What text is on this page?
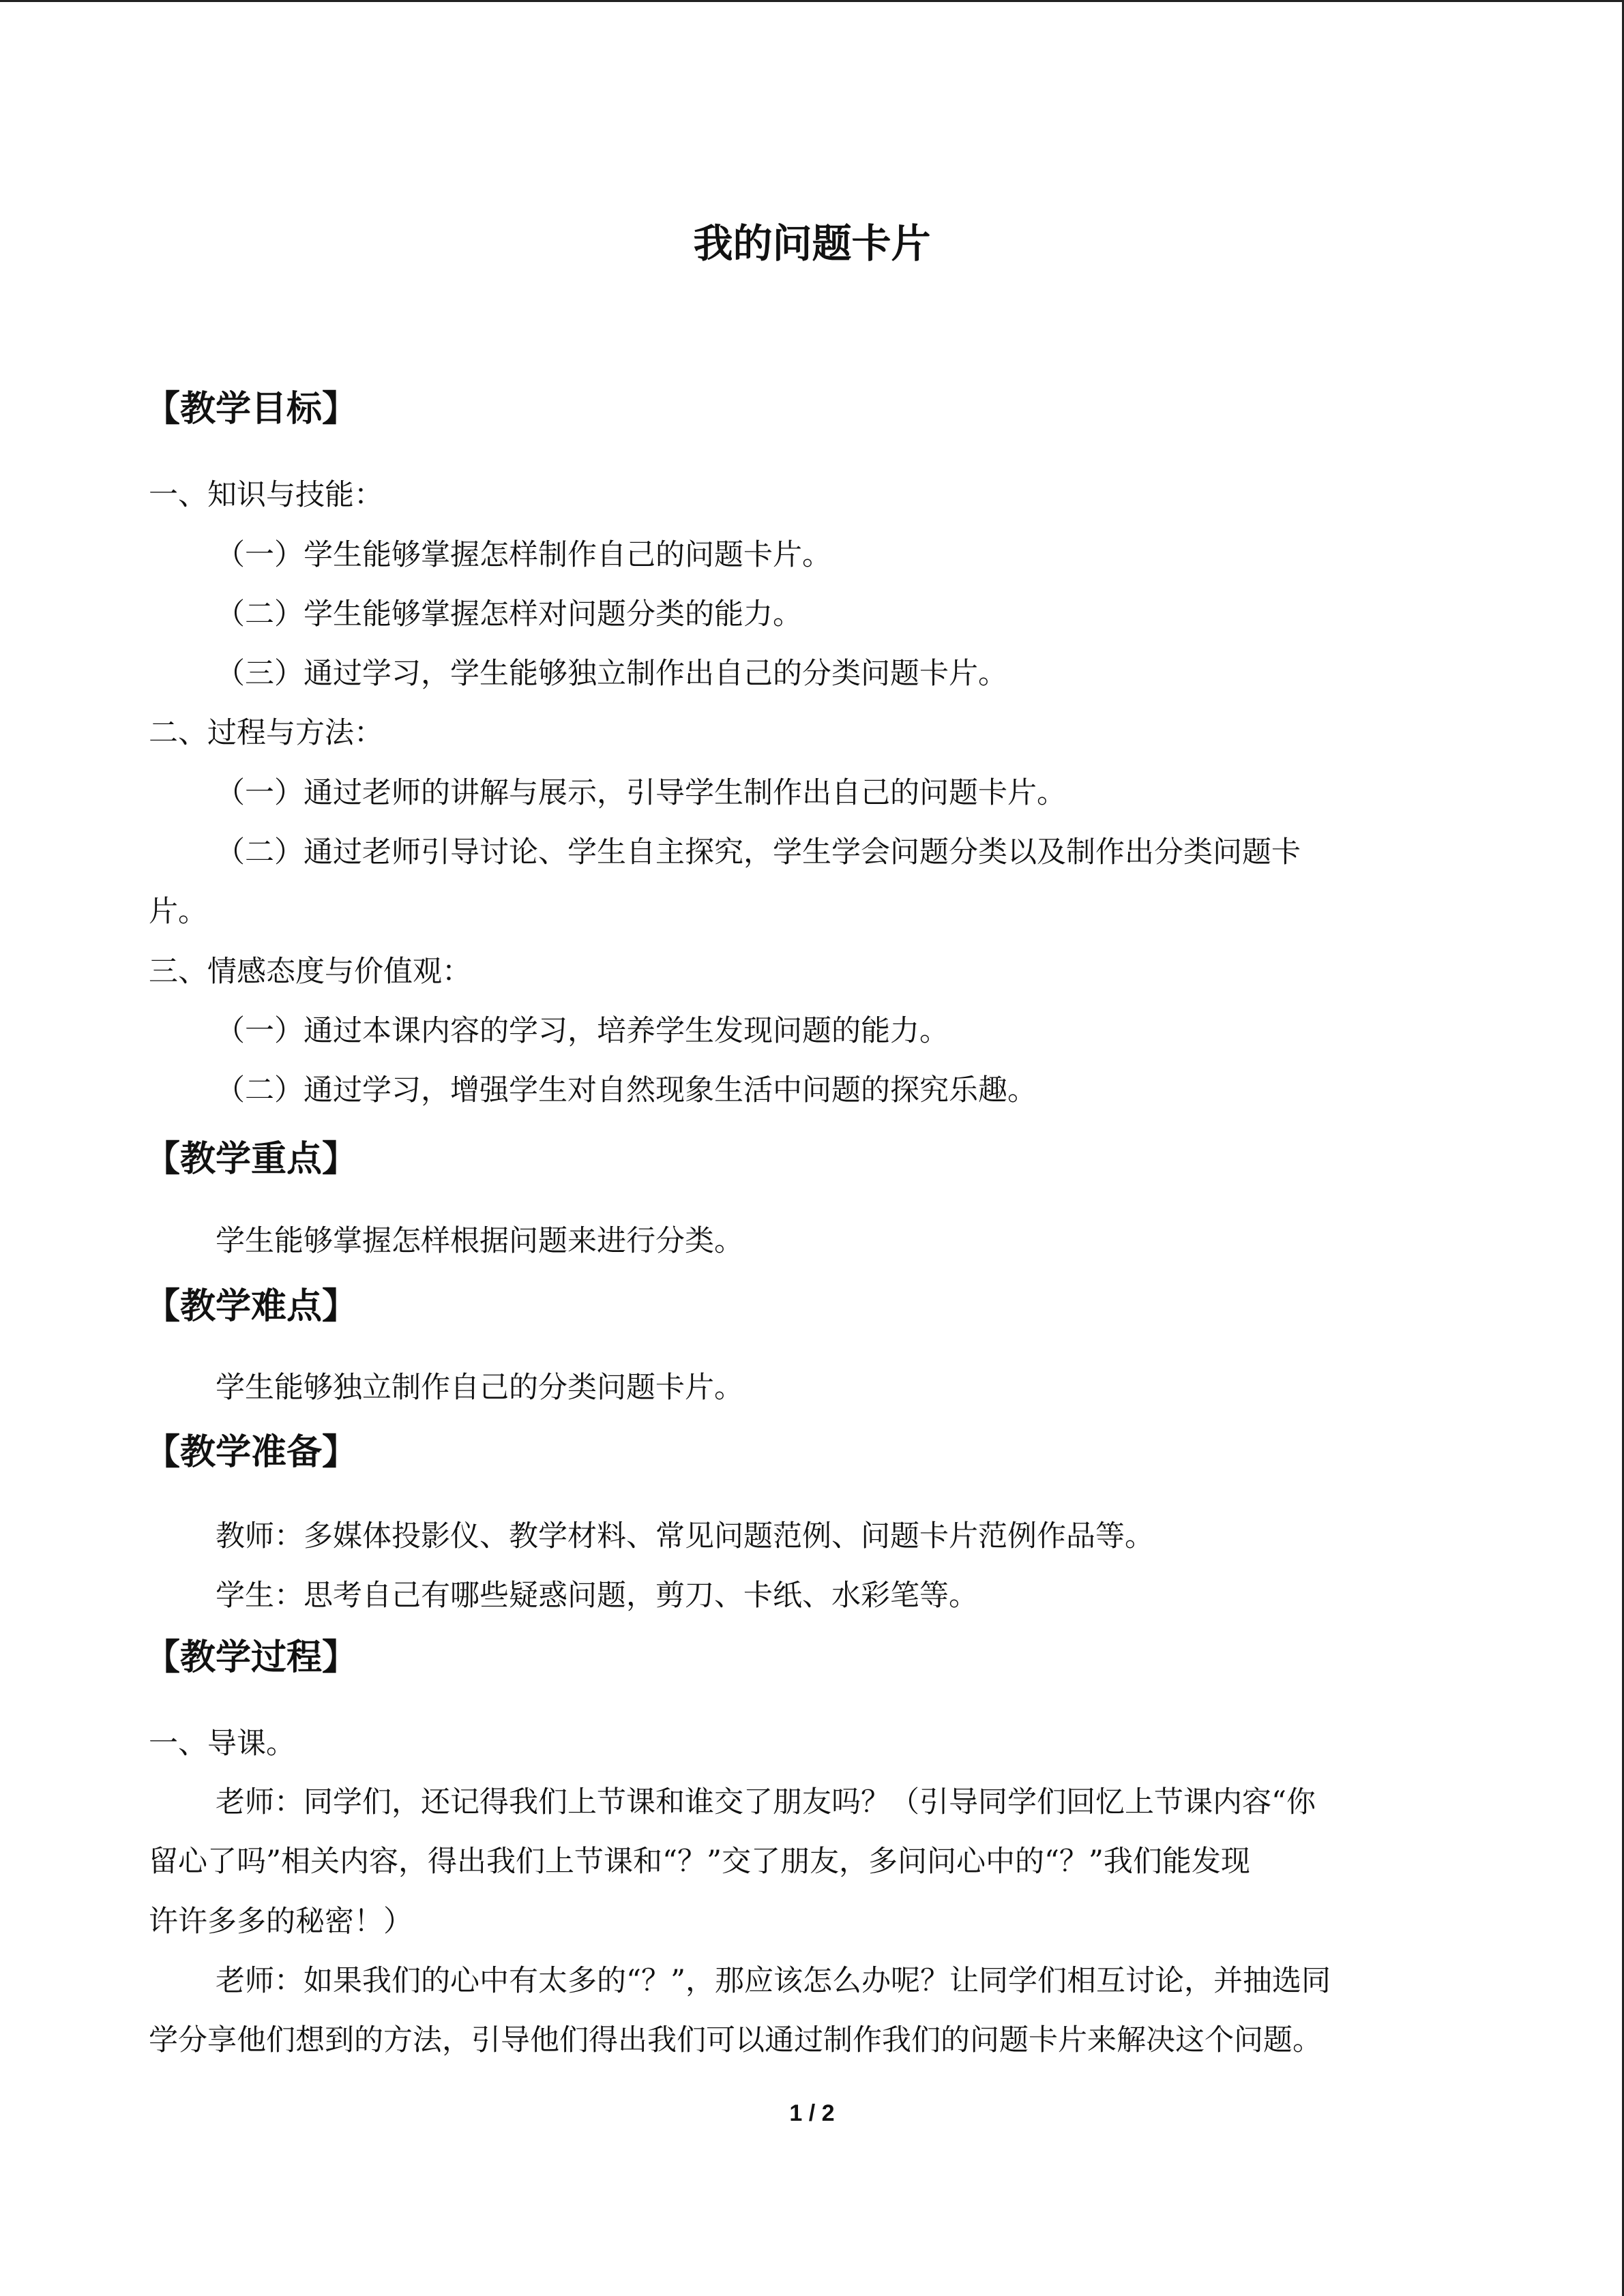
我的问题卡片
【教学目标】
一、知识与技能：
（一）学生能够掌握怎样制作自己的问题卡片。
（二）学生能够掌握怎样对问题分类的能力。
（三）通过学习，学生能够独立制作出自己的分类问题卡片。
二、过程与方法：
（一）通过老师的讲解与展示，引导学生制作出自己的问题卡片。
（二）通过老师引导讨论、学生自主探究，学生学会问题分类以及制作出分类问题卡
片。
三、情感态度与价值观：
（一）通过本课内容的学习，培养学生发现问题的能力。
（二）通过学习，增强学生对自然现象生活中问题的探究乐趣。
【教学重点】
学生能够掌握怎样根据问题来进行分类。
【教学难点】
学生能够独立制作自己的分类问题卡片。
【教学准备】
教师：多媒体投影仪、教学材料、常见问题范例、问题卡片范例作品等。
学生：思考自己有哪些疑惑问题，剪刀、卡纸、水彩笔等。
【教学过程】
一、导课。
老师：同学们，还记得我们上节课和谁交了朋友吗？（引导同学们回忆上节课内容“你
留心了吗”相关内容，得出我们上节课和“？”交了朋友，多问问心中的“？”我们能发现
许许多多的秘密！）
老师：如果我们的心中有太多的“？”，那应该怎么办呢？让同学们相互讨论，并抽选同
学分享他们想到的方法，引导他们得出我们可以通过制作我们的问题卡片来解决这个问题。
1 / 2
